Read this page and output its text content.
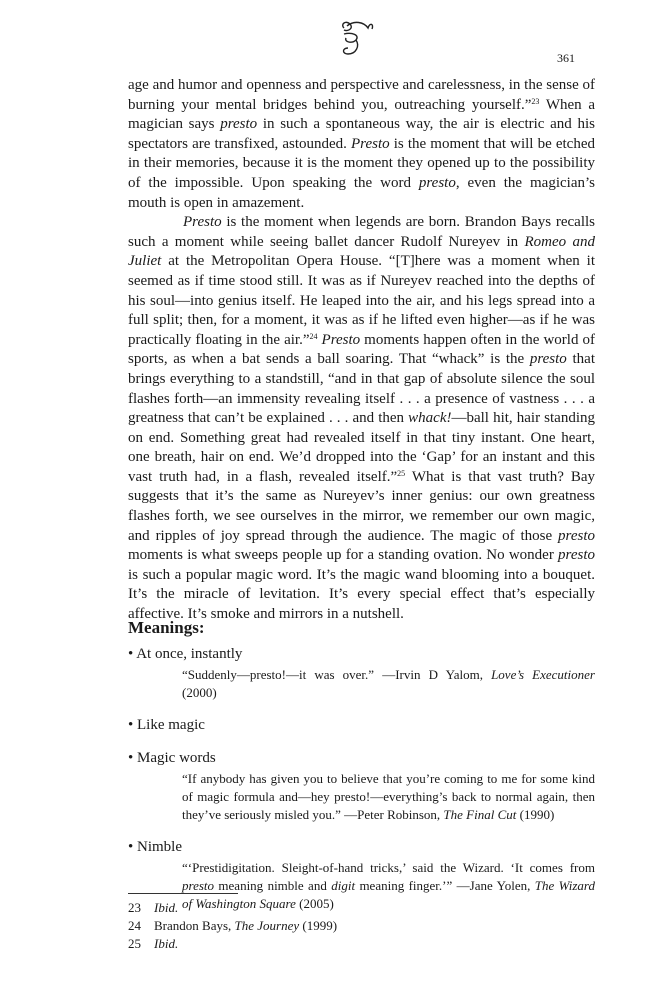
361

age and humor and openness and perspective and carelessness, in the sense of burning your mental bridges behind you, outreaching yourself.”$^{23}$ When a magician says presto in such a spontaneous way, the air is electric and his spectators are transfixed, astounded. Presto is the moment that will be etched in their memories, because it is the moment they opened up to the possibility of the impossible. Upon speaking the word presto, even the magician’s mouth is open in amazement.

Presto is the moment when legends are born. Brandon Bays recalls such a moment while seeing ballet dancer Rudolf Nureyev in Romeo and Juliet at the Metropolitan Opera House. “[T]here was a moment when it seemed as if time stood still. It was as if Nureyev reached into the depths of his soul—into genius itself. He leaped into the air, and his legs spread into a full split; then, for a moment, it was as if he lifted even higher—as if he was practically floating in the air.”$^{24}$ Presto moments happen often in the world of sports, as when a bat sends a ball soaring. That “whack” is the presto that brings everything to a standstill, “and in that gap of absolute silence the soul flashes forth—an immensity revealing itself . . . a presence of vastness . . . a greatness that can’t be explained . . . and then whack!—ball hit, hair standing on end. Something great had revealed itself in that tiny instant. One heart, one breath, hair on end. We’d dropped into the ‘Gap’ for an instant and this vast truth had, in a flash, revealed itself.”$^{25}$ What is that vast truth? Bay suggests that it’s the same as Nureyev’s inner genius: our own greatness flashes forth, we see ourselves in the mirror, we remember our own magic, and ripples of joy spread through the audience. The magic of those presto moments is what sweeps people up for a standing ovation. No wonder presto is such a popular magic word. It’s the magic wand blooming into a bouquet. It’s the miracle of levitation. It’s every special effect that’s especially affective. It’s smoke and mirrors in a nutshell.

Meanings:
• At once, instantly
“Suddenly—presto!—it was over.” —Irvin D Yalom, Love’s Executioner (2000)
• Like magic
• Magic words
“If anybody has given you to believe that you’re coming to me for some kind of magic formula and—hey presto!—everything’s back to normal again, then they’ve seriously misled you.” —Peter Robinson, The Final Cut (1990)
• Nimble
“‘Prestidigitation. Sleight-of-hand tricks,’ said the Wizard. ‘It comes from presto meaning nimble and digit meaning finger.’” —Jane Yolen, The Wizard of Washington Square (2005)
23 Ibid.
24 Brandon Bays, The Journey (1999)
25 Ibid.
